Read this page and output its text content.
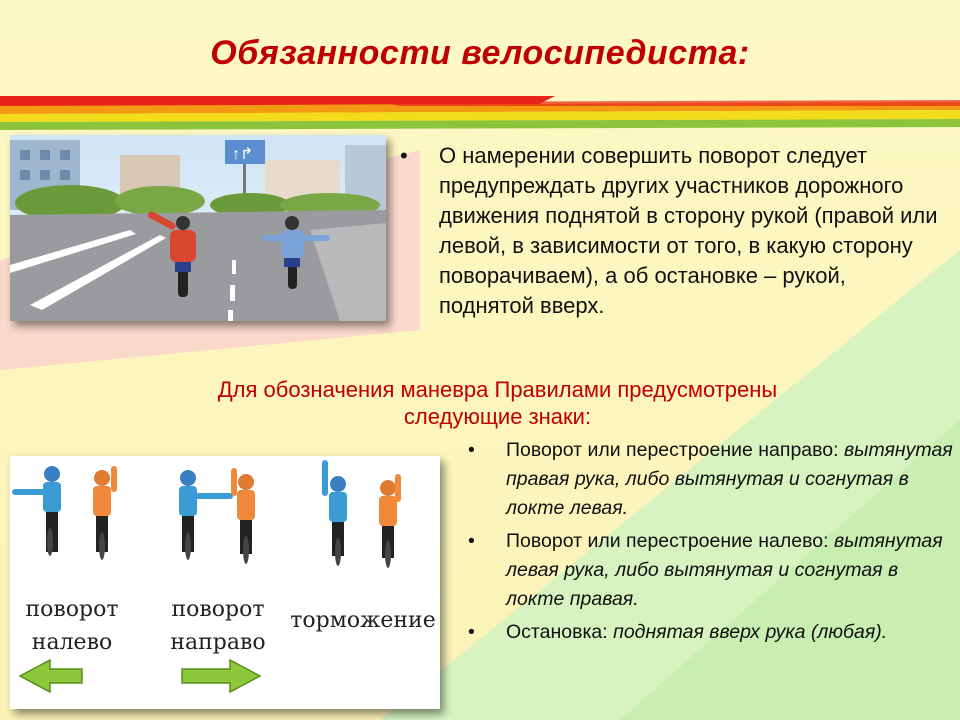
Обязанности велосипедиста:
↑↱	•	О намерении совершить поворот следует предупреждать других участников дорожного движения поднятой в сторону рукой (правой или левой, в зависимости от того, в какую сторону поворачиваем), а об остановке – рукой, поднятой вверх.
Для обозначения маневра Правилами предусмотрены
следующие знаки:
поворот
налево
поворот
направо
торможение
• Поворот или перестроение направо: вытянутая правая рука, либо вытянутая и согнутая в локте левая.
• Поворот или перестроение налево: вытянутая левая рука, либо вытянутая и согнутая в локте правая.
• Остановка: поднятая вверх рука (любая).
